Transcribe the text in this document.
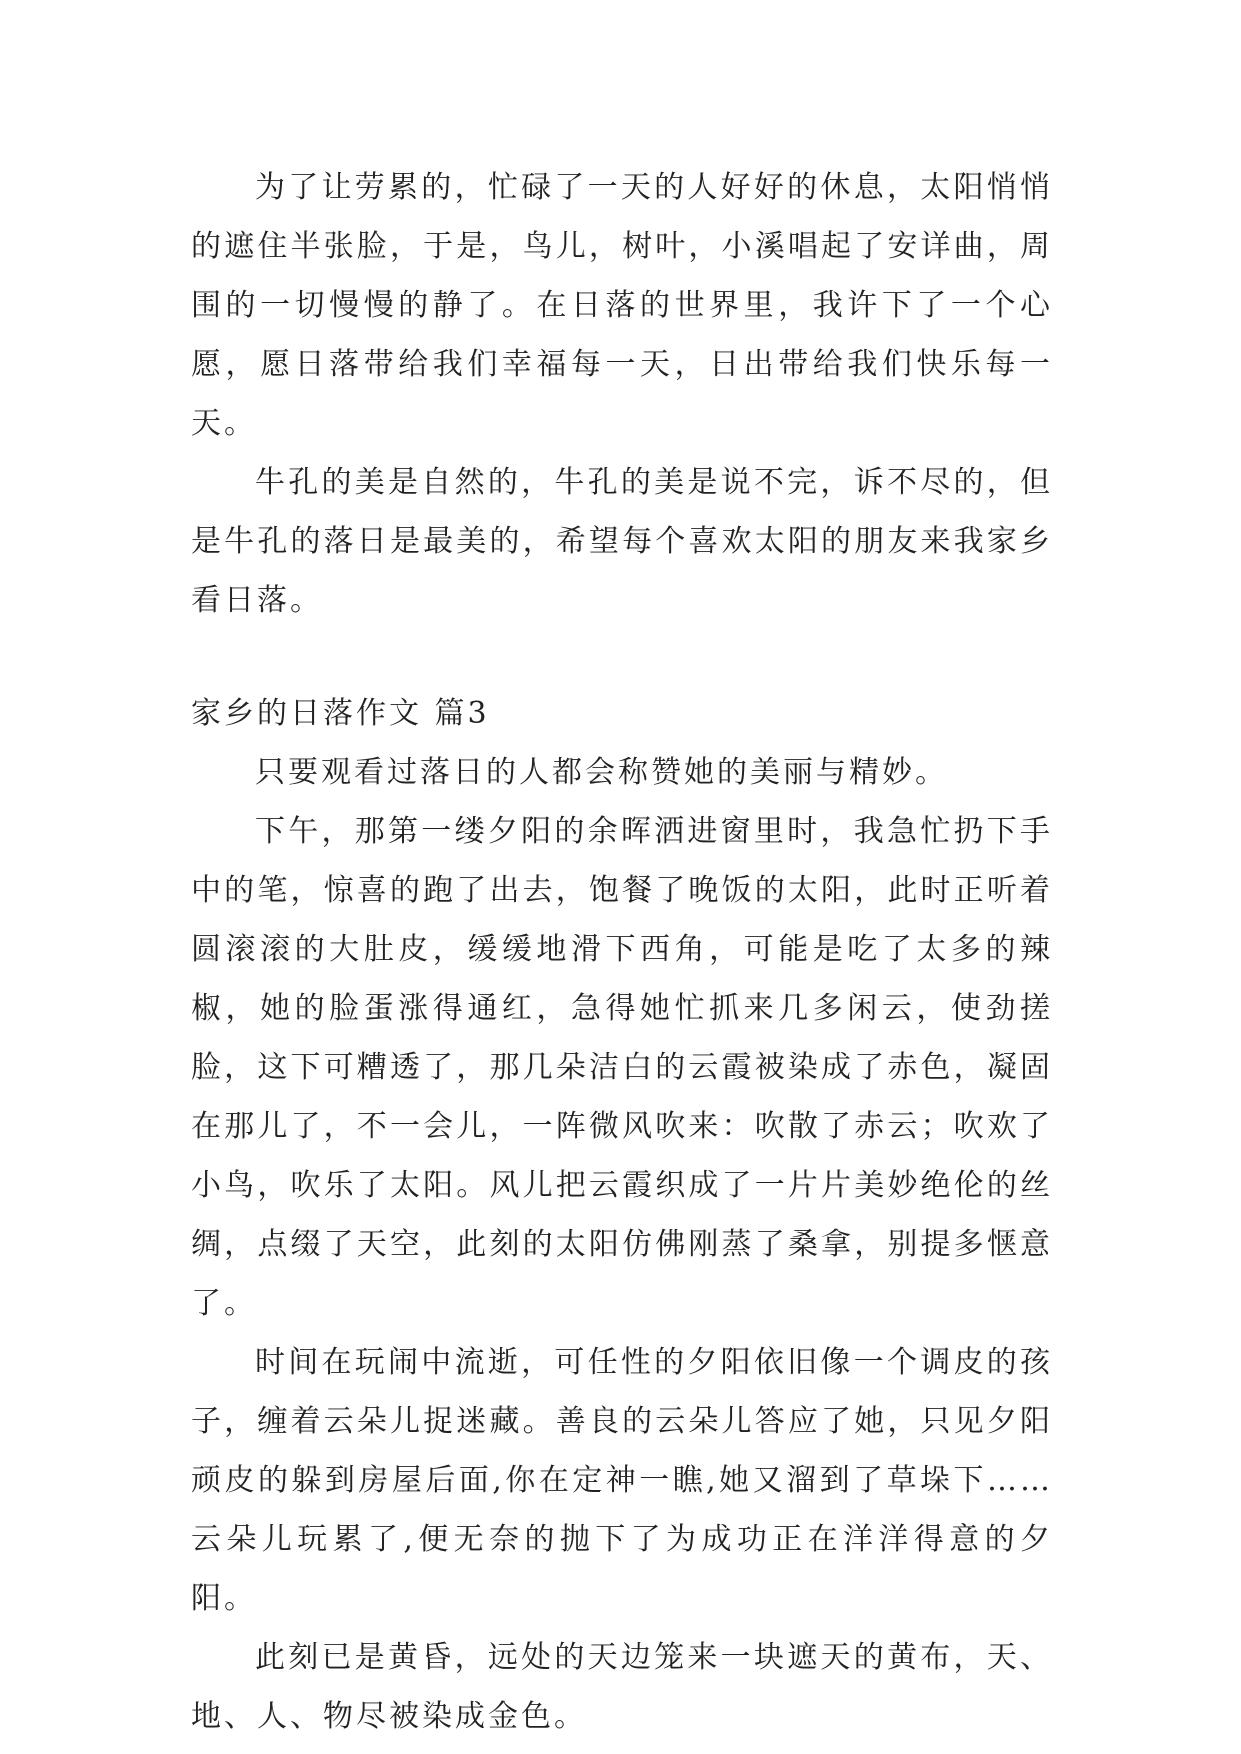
为了让劳累的，忙碌了一天的人好好的休息，太阳悄悄的遮住半张脸，于是，鸟儿，树叶，小溪唱起了安详曲，周围的一切慢慢的静了。在日落的世界里，我许下了一个心愿，愿日落带给我们幸福每一天，日出带给我们快乐每一天。

牛孔的美是自然的，牛孔的美是说不完，诉不尽的，但是牛孔的落日是最美的，希望每个喜欢太阳的朋友来我家乡看日落。

家乡的日落作文 篇3

只要观看过落日的人都会称赞她的美丽与精妙。

下午，那第一缕夕阳的余晖洒进窗里时，我急忙扔下手中的笔，惊喜的跑了出去，饱餐了晚饭的太阳，此时正听着圆滚滚的大肚皮，缓缓地滑下西角，可能是吃了太多的辣椒，她的脸蛋涨得通红，急得她忙抓来几多闲云，使劲搓脸，这下可糟透了，那几朵洁白的云霞被染成了赤色，凝固在那儿了，不一会儿，一阵微风吹来：吹散了赤云；吹欢了小鸟，吹乐了太阳。风儿把云霞织成了一片片美妙绝伦的丝绸，点缀了天空，此刻的太阳仿佛刚蒸了桑拿，别提多惬意了。

时间在玩闹中流逝，可任性的夕阳依旧像一个调皮的孩子，缠着云朵儿捉迷藏。善良的云朵儿答应了她，只见夕阳顽皮的躲到房屋后面,你在定神一瞧,她又溜到了草垛下……云朵儿玩累了,便无奈的抛下了为成功正在洋洋得意的夕阳。

此刻已是黄昏，远处的天边笼来一块遮天的黄布，天、地、人、物尽被染成金色。
